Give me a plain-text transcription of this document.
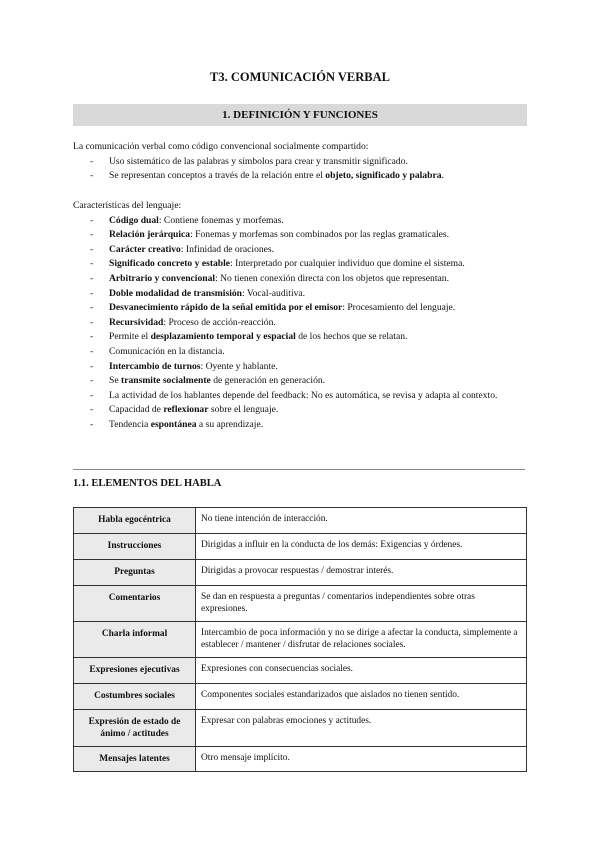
T3. COMUNICACIÓN VERBAL
1. DEFINICIÓN Y FUNCIONES
La comunicación verbal como código convencional socialmente compartido:
- Uso sistemático de las palabras y símbolos para crear y transmitir significado.
- Se representan conceptos a través de la relación entre el objeto, significado y palabra.
Características del lenguaje:
- Código dual: Contiene fonemas y morfemas.
- Relación jerárquica: Fonemas y morfemas son combinados por las reglas gramaticales.
- Carácter creativo: Infinidad de oraciones.
- Significado concreto y estable: Interpretado por cualquier individuo que domine el sistema.
- Arbitrario y convencional: No tienen conexión directa con los objetos que representan.
- Doble modalidad de transmisión: Vocal-auditiva.
- Desvanecimiento rápido de la señal emitida por el emisor: Procesamiento del lenguaje.
- Recursividad: Proceso de acción-reacción.
- Permite el desplazamiento temporal y espacial de los hechos que se relatan.
- Comunicación en la distancia.
- Intercambio de turnos: Oyente y hablante.
- Se transmite socialmente de generación en generación.
- La actividad de los hablantes depende del feedback: No es automática, se revisa y adapta al contexto.
- Capacidad de reflexionar sobre el lenguaje.
- Tendencia espontánea a su aprendizaje.
1.1. ELEMENTOS DEL HABLA
Habla egocéntrica	No tiene intención de interacción.
Instrucciones	Dirigidas a influir en la conducta de los demás: Exigencias y órdenes.
Preguntas	Dirigidas a provocar respuestas / demostrar interés.
Comentarios	Se dan en respuesta a preguntas / comentarios independientes sobre otras expresiones.
Charla informal	Intercambio de poca información y no se dirige a afectar la conducta, simplemente a establecer / mantener / disfrutar de relaciones sociales.
Expresiones ejecutivas	Expresiones con consecuencias sociales.
Costumbres sociales	Componentes sociales estandarizados que aislados no tienen sentido.
Expresión de estado de ánimo / actitudes	Expresar con palabras emociones y actitudes.
Mensajes latentes	Otro mensaje implícito.
